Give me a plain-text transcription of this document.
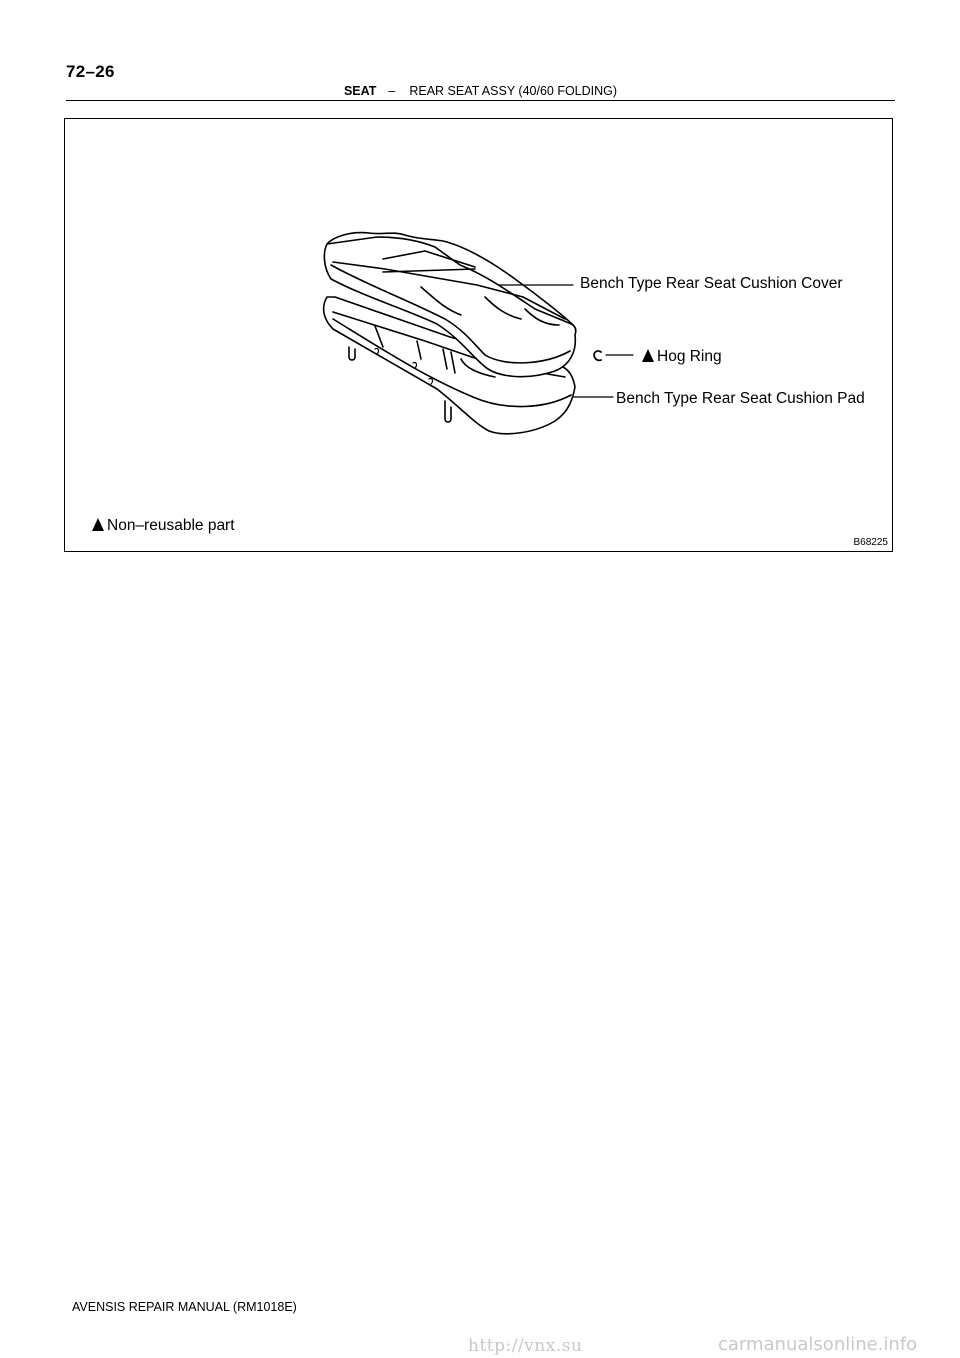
72–26
SEAT – REAR SEAT ASSY (40/60 FOLDING)
Bench Type Rear Seat Cushion Cover
Hog Ring
Bench Type Rear Seat Cushion Pad
Non–reusable part
B68225
AVENSIS REPAIR MANUAL (RM1018E)
http://vnx.su	carmanualsonline.info
